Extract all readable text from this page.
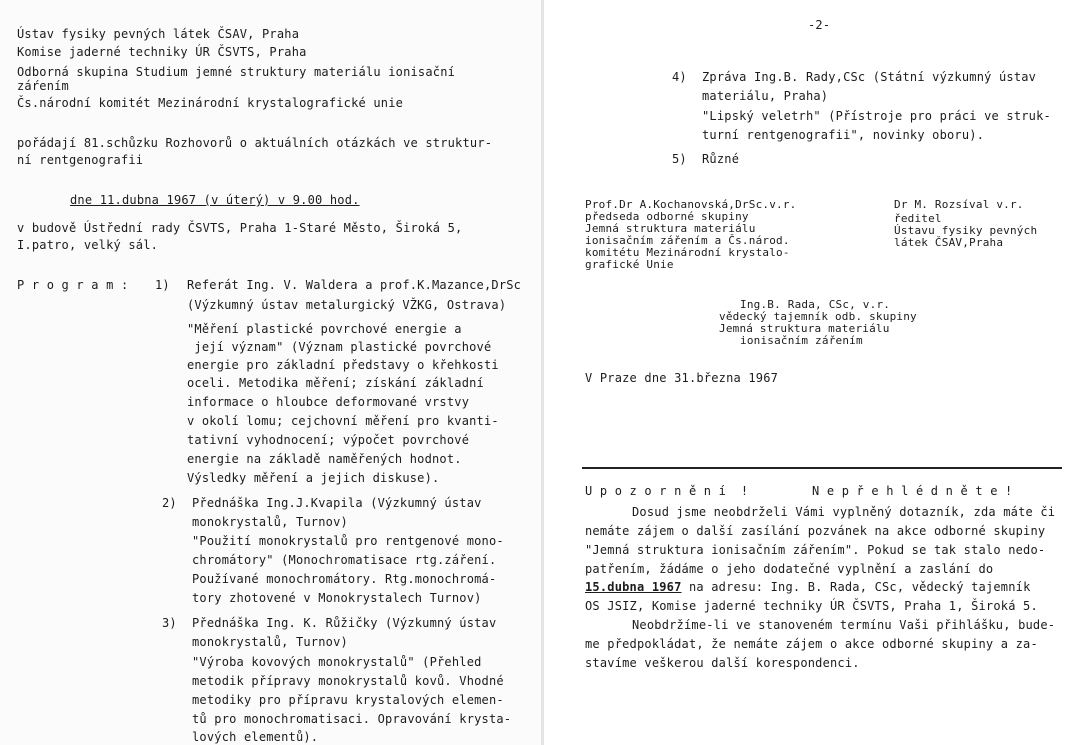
Ústav fysiky pevných látek ČSAV, Praha
Komise jaderné techniky ÚR ČSVTS, Praha
Odborná skupina Studium jemné struktury materiálu ionisační
záŕením
Čs.národní komitét Mezinárodní krystalografické unie
pořádají 81.schůzku Rozhovorů o aktuálních otázkách ve struktur-
ní rentgenografii
dne 11.dubna 1967 (v úterý) v 9.00 hod.
v budově Ústřední rady ČSVTS, Praha 1-Staré Město, Široká 5,
I.patro, velký sál.
P r o g r a m : 1) Referát Ing. V. Waldera a prof.K.Mazance,DrSc
(Výzkumný ústav metalurgický VŽKG, Ostrava)
"Měření plastické povrchové energie a
její význam" (Význam plastické povrchové
energie pro základní představy o křehkosti
oceli. Metodika měření; získání základní
informace o hloubce deformované vrstvy
v okolí lomu; cejchovní měření pro kvanti-
tativní vyhodnocení; výpočet povrchové
energie na základě naměřených hodnot.
Výsledky měření a jejich diskuse).
2) Přednáška Ing.J.Kvapila (Výzkumný ústav
monokrystalů, Turnov)
"Použití monokrystalů pro rentgenové mono-
chromátory" (Monochromatisace rtg.záření.
Používané monochromátory. Rtg.monochromá-
tory zhotovené v Monokrystalech Turnov)
3) Přednáška Ing. K. Růžičky (Výzkumný ústav
monokrystalů, Turnov)
"Výroba kovových monokrystalů" (Přehled
metodik přípravy monokrystalů kovů. Vhodné
metodiky pro přípravu krystalových elemen-
tů pro monochromatisaci. Opravování krysta-
lových elementů).
-2-
4) Zpráva Ing.B. Rady,CSc (Státní výzkumný ústav
materiálu, Praha)
"Lipský veletrh" (Přístroje pro práci ve struk-
turní rentgenografii", novinky oboru).
5) Různé
Prof.Dr A.Kochanovská,DrSc.v.r.
předseda odborné skupiny
Jemná struktura materiálu
ionisačním zářením a Čs.národ.
komitétu Mezinárodní krystalo-
grafické Unie
Dr M. Rozsíval v.r.
ředitel
Ústavu fysiky pevných
látek ČSAV,Praha
Ing.B. Rada, CSc, v.r.
vědecký tajemník odb. skupiny
Jemná struktura materiálu
ionisačním zářením
V Praze dne 31.března 1967
U p o z o r n ě n í  !	N e p ř e h l é d n ě t e !
Dosud jsme neobdrželi Vámi vyplněný dotazník, zda máte či
nemáte zájem o další zasílání pozvánek na akce odborné skupiny
"Jemná struktura ionisačním zářením". Pokud se tak stalo nedo-
patřením, žádáme o jeho dodatečné vyplnění a zaslání do
15.dubna 1967 na adresu: Ing. B. Rada, CSc, vědecký tajemník
OS JSIZ, Komise jaderné techniky ÚR ČSVTS, Praha 1, Široká 5.
Neobdržíme-li ve stanoveném termínu Vaši přihlášku, bude-
me předpokládat, že nemáte zájem o akce odborné skupiny a za-
stavíme veškerou další korespondenci.
